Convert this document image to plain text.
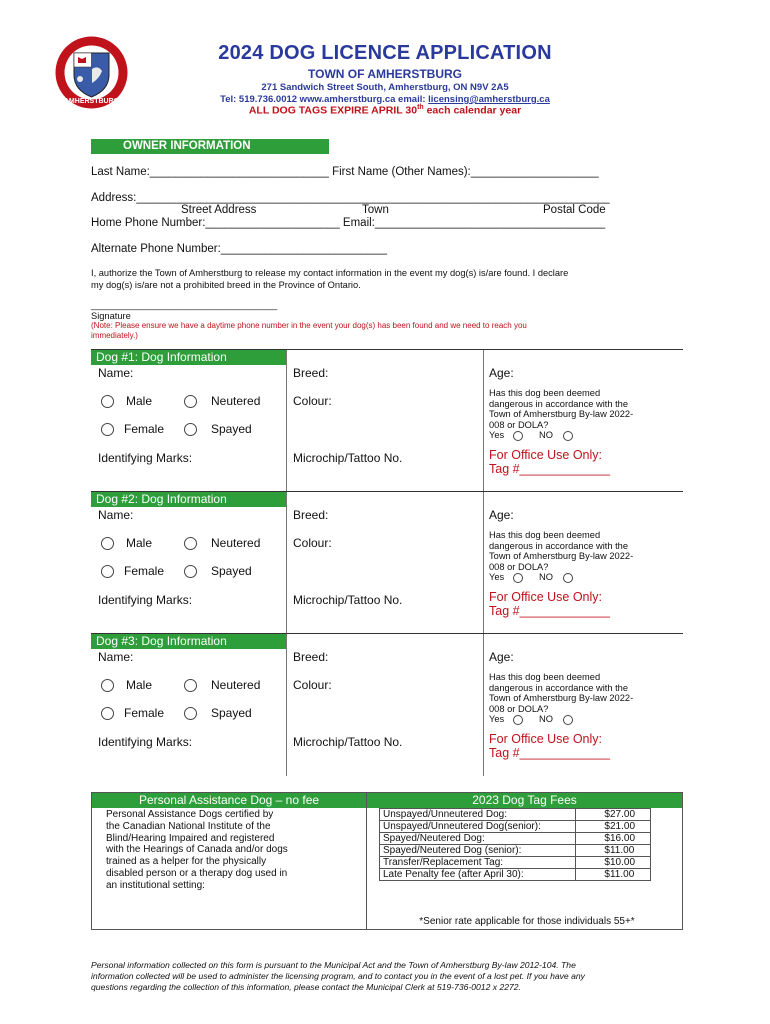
AMHERSTBURG
2024 DOG LICENCE APPLICATION
TOWN OF AMHERSTBURG
271 Sandwich Street South, Amherstburg, ON N9V 2A5
Tel: 519.736.0012 www.amherstburg.ca email: licensing@amherstburg.ca
ALL DOG TAGS EXPIRE APRIL 30th each calendar year
OWNER INFORMATION
Last Name:____________________________ First Name (Other Names):____________________
Address:__________________________________________________________________________
Street Address	Town	Postal Code
Home Phone Number:_____________________ Email:____________________________________
Alternate Phone Number:__________________________
I, authorize the Town of Amherstburg to release my contact information in the event my dog(s) is/are found. I declare
my dog(s) is/are not a prohibited breed in the Province of Ontario.
____________________________________
Signature
(Note: Please ensure we have a daytime phone number in the event your dog(s) has been found and we need to reach you
immediately.)
Dog #1: Dog Information
Name:	Breed:	Age:
Male	Neutered
Female	Spayed
Colour:
Has this dog been deemed
dangerous in accordance with the
Town of Amherstburg By-law 2022-
008 or DOLA?
Yes	NO
Identifying Marks:	Microchip/Tattoo No.	For Office Use Only:
Tag #_____________
Dog #2: Dog Information
Name:	Breed:	Age:
Male	Neutered
Female	Spayed
Colour:
Has this dog been deemed
dangerous in accordance with the
Town of Amherstburg By-law 2022-
008 or DOLA?
Yes	NO
Identifying Marks:	Microchip/Tattoo No.	For Office Use Only:
Tag #_____________
Dog #3: Dog Information
Name:	Breed:	Age:
Male	Neutered
Female	Spayed
Colour:
Has this dog been deemed
dangerous in accordance with the
Town of Amherstburg By-law 2022-
008 or DOLA?
Yes	NO
Identifying Marks:	Microchip/Tattoo No.	For Office Use Only:
Tag #_____________
Personal Assistance Dog – no fee	2023 Dog Tag Fees
Personal Assistance Dogs certified by
the Canadian National Institute of the
Blind/Hearing Impaired and registered
with the Hearings of Canada and/or dogs
trained as a helper for the physically
disabled person or a therapy dog used in
an institutional setting:
Unspayed/Unneutered Dog:	$27.00
Unspayed/Unneutered Dog(senior):	$21.00
Spayed/Neutered Dog:	$16.00
Spayed/Neutered Dog (senior):	$11.00
Transfer/Replacement Tag:	$10.00
Late Penalty fee (after April 30):	$11.00
*Senior rate applicable for those individuals 55+*
Personal information collected on this form is pursuant to the Municipal Act and the Town of Amherstburg By-law 2012-104. The
information collected will be used to administer the licensing program, and to contact you in the event of a lost pet. If you have any
questions regarding the collection of this information, please contact the Municipal Clerk at 519-736-0012 x 2272.
